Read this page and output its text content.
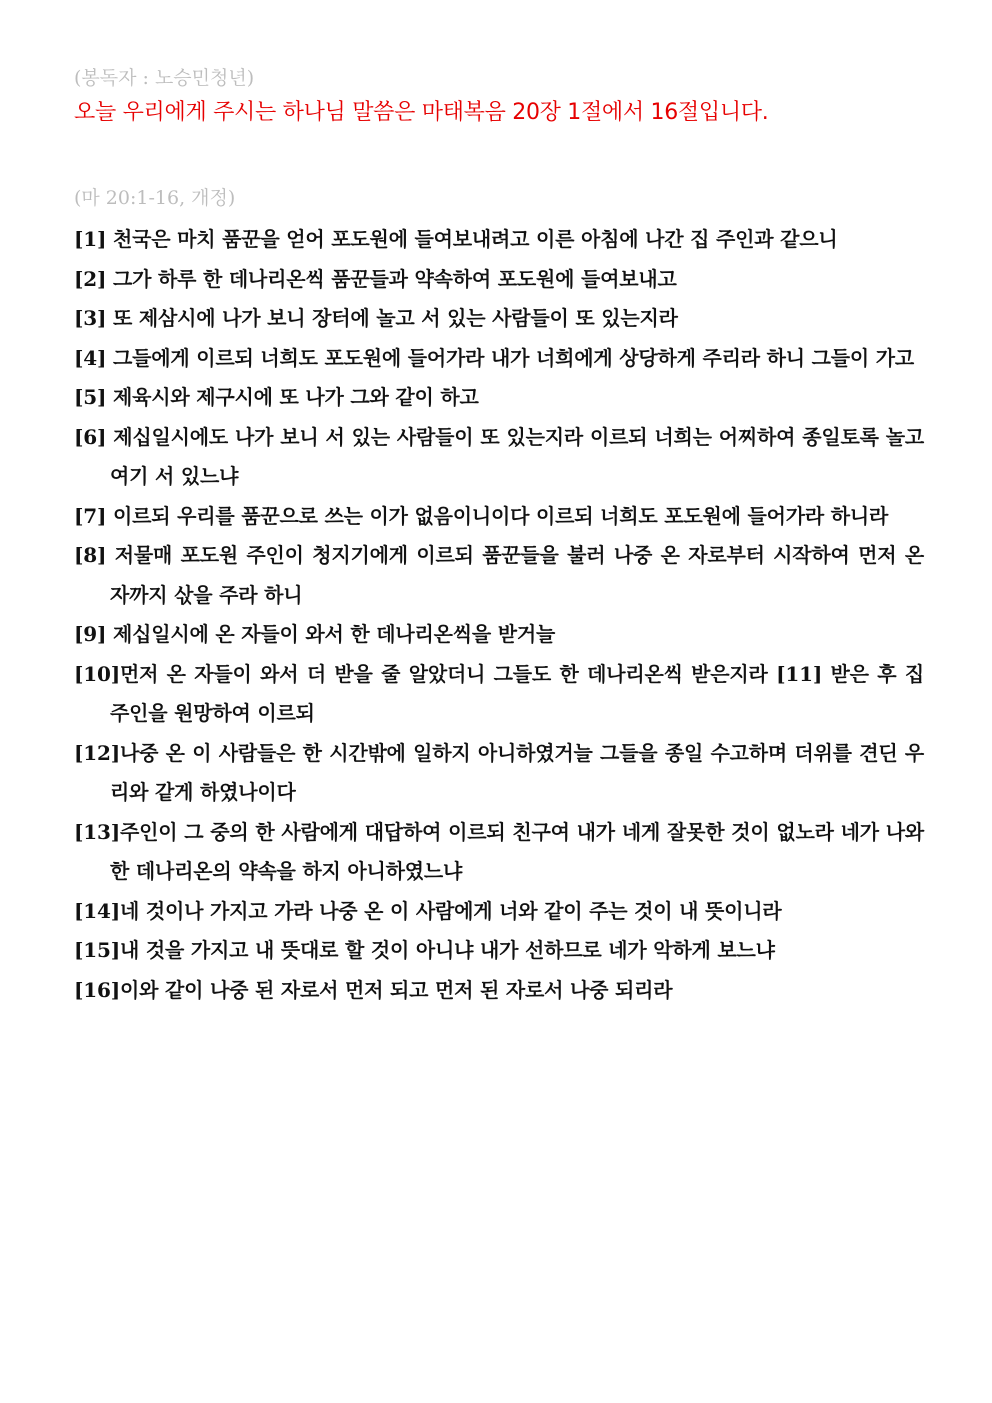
(봉독자 : 노승민청년)
오늘 우리에게 주시는 하나님 말씀은 마태복음 20장 1절에서 16절입니다.
(마 20:1-16, 개정)
[1] 천국은 마치 품꾼을 얻어 포도원에 들여보내려고 이른 아침에 나간 집 주인과 같으니
[2] 그가 하루 한 데나리온씩 품꾼들과 약속하여 포도원에 들여보내고
[3] 또 제삼시에 나가 보니 장터에 놀고 서 있는 사람들이 또 있는지라
[4] 그들에게 이르되 너희도 포도원에 들어가라 내가 너희에게 상당하게 주리라 하니 그들이 가고
[5] 제육시와 제구시에 또 나가 그와 같이 하고
[6] 제십일시에도 나가 보니 서 있는 사람들이 또 있는지라 이르되 너희는 어찌하여 종일토록 놀고 여기 서 있느냐
[7] 이르되 우리를 품꾼으로 쓰는 이가 없음이니이다 이르되 너희도 포도원에 들어가라 하니라
[8] 저물매 포도원 주인이 청지기에게 이르되 품꾼들을 불러 나중 온 자로부터 시작하여 먼저 온 자까지 삯을 주라 하니
[9] 제십일시에 온 자들이 와서 한 데나리온씩을 받거늘
[10]먼저 온 자들이 와서 더 받을 줄 알았더니 그들도 한 데나리온씩 받은지라 [11] 받은 후 집 주인을 원망하여 이르되
[12]나중 온 이 사람들은 한 시간밖에 일하지 아니하였거늘 그들을 종일 수고하며 더위를 견딘 우리와 같게 하였나이다
[13]주인이 그 중의 한 사람에게 대답하여 이르되 친구여 내가 네게 잘못한 것이 없노라 네가 나와 한 데나리온의 약속을 하지 아니하였느냐
[14]네 것이나 가지고 가라 나중 온 이 사람에게 너와 같이 주는 것이 내 뜻이니라
[15]내 것을 가지고 내 뜻대로 할 것이 아니냐 내가 선하므로 네가 악하게 보느냐
[16]이와 같이 나중 된 자로서 먼저 되고 먼저 된 자로서 나중 되리라
